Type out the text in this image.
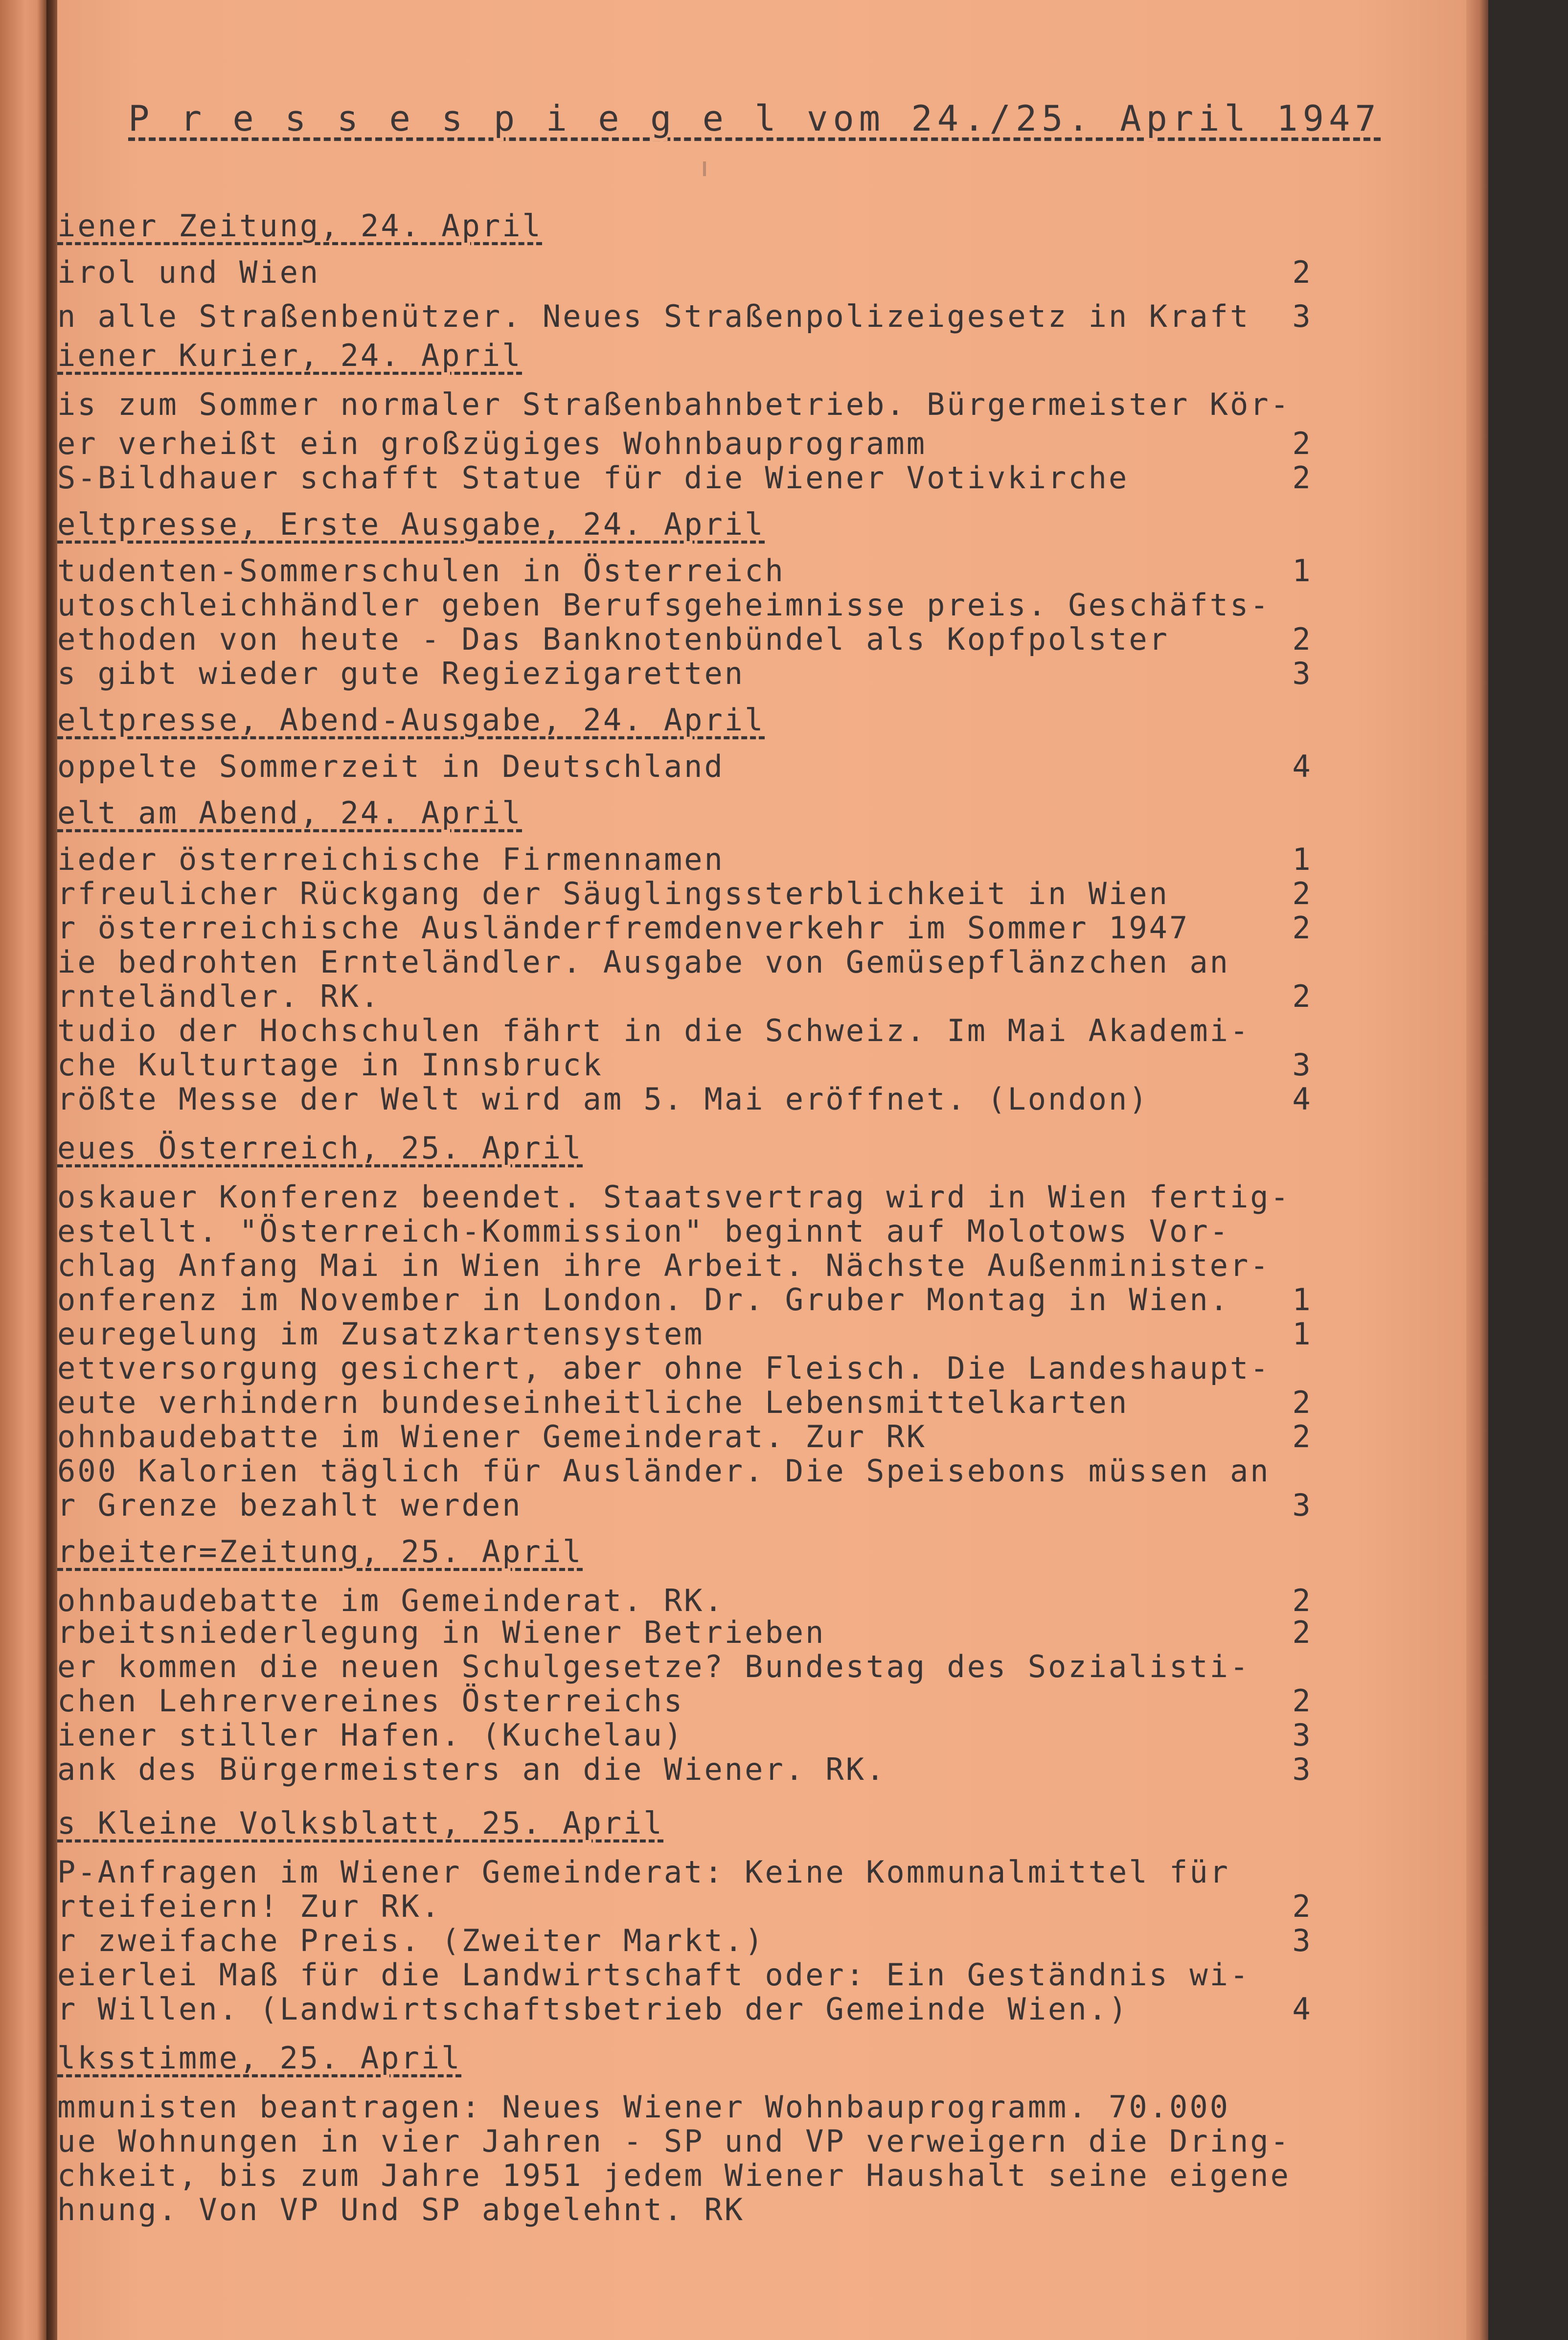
P r e s s e s p i e g e l vom 24./25. April 1947
iener Zeitung, 24. April
irol und Wien	2
n alle Straßenbenützer. Neues Straßenpolizeigesetz in Kraft 3
iener Kurier, 24. April
is zum Sommer normaler Straßenbahnbetrieb. Bürgermeister Kör-
er verheißt ein großzügiges Wohnbauprogramm	2
S-Bildhauer schafft Statue für die Wiener Votivkirche	2
eltpresse, Erste Ausgabe, 24. April
tudenten-Sommerschulen in Österreich	1
utoschleichhändler geben Berufsgeheimnisse preis. Geschäfts-
ethoden von heute - Das Banknotenbündel als Kopfpolster	2
s gibt wieder gute Regiezigaretten	3
eltpresse, Abend-Ausgabe, 24. April
oppelte Sommerzeit in Deutschland	4
elt am Abend, 24. April
ieder österreichische Firmennamen	1
rfreulicher Rückgang der Säuglingssterblichkeit in Wien	2
r österreichische Ausländerfremdenverkehr im Sommer 1947	2
ie bedrohten Ernteländler. Ausgabe von Gemüsepflänzchen an
rnteländler. RK.	2
tudio der Hochschulen fährt in die Schweiz. Im Mai Akademi-
che Kulturtage in Innsbruck	3
rößte Messe der Welt wird am 5. Mai eröffnet. (London)	4
eues Österreich, 25. April
oskauer Konferenz beendet. Staatsvertrag wird in Wien fertig-
estellt. "Österreich-Kommission" beginnt auf Molotows Vor-
chlag Anfang Mai in Wien ihre Arbeit. Nächste Außenminister-
onferenz im November in London. Dr. Gruber Montag in Wien. 1
euregelung im Zusatzkartensystem	1
ettversorgung gesichert, aber ohne Fleisch. Die Landeshaupt-
eute verhindern bundeseinheitliche Lebensmittelkarten	2
ohnbaudebatte im Wiener Gemeinderat. Zur RK	2
600 Kalorien täglich für Ausländer. Die Speisebons müssen an
r Grenze bezahlt werden	3
rbeiter=Zeitung, 25. April
ohnbaudebatte im Gemeinderat. RK.	2
rbeitsniederlegung in Wiener Betrieben	2
er kommen die neuen Schulgesetze? Bundestag des Sozialisti-
chen Lehrervereines Österreichs	2
iener stiller Hafen. (Kuchelau)	3
ank des Bürgermeisters an die Wiener. RK.	3
s Kleine Volksblatt, 25. April
P-Anfragen im Wiener Gemeinderat: Keine Kommunalmittel für
rteifeiern! Zur RK.	2
r zweifache Preis. (Zweiter Markt.)	3
eierlei Maß für die Landwirtschaft oder: Ein Geständnis wi-
r Willen. (Landwirtschaftsbetrieb der Gemeinde Wien.)	4
lksstimme, 25. April
mmunisten beantragen: Neues Wiener Wohnbauprogramm. 70.000
ue Wohnungen in vier Jahren - SP und VP verweigern die Dring-
chkeit, bis zum Jahre 1951 jedem Wiener Haushalt seine eigene
hnung. Von VP Und SP abgelehnt. RK
